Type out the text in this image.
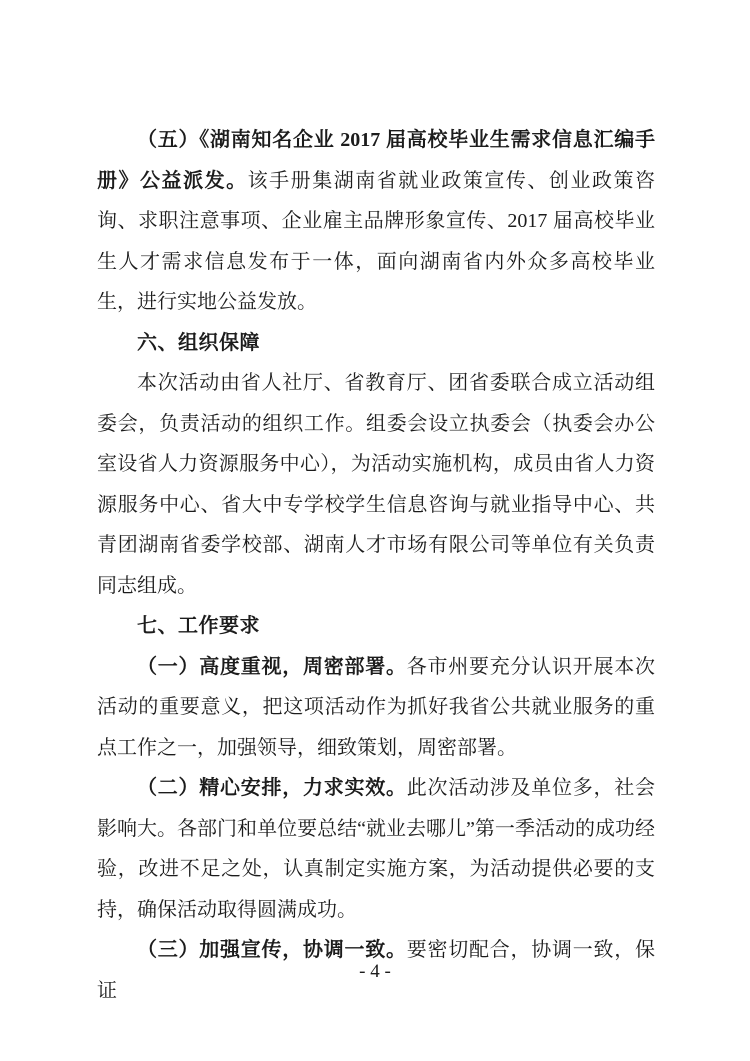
（五）《湖南知名企业 2017 届高校毕业生需求信息汇编手册》公益派发。该手册集湖南省就业政策宣传、创业政策咨询、求职注意事项、企业雇主品牌形象宣传、2017 届高校毕业生人才需求信息发布于一体，面向湖南省内外众多高校毕业生，进行实地公益发放。

六、组织保障

本次活动由省人社厅、省教育厅、团省委联合成立活动组委会，负责活动的组织工作。组委会设立执委会（执委会办公室设省人力资源服务中心），为活动实施机构，成员由省人力资源服务中心、省大中专学校学生信息咨询与就业指导中心、共青团湖南省委学校部、湖南人才市场有限公司等单位有关负责同志组成。

七、工作要求

（一）高度重视，周密部署。各市州要充分认识开展本次活动的重要意义，把这项活动作为抓好我省公共就业服务的重点工作之一，加强领导，细致策划，周密部署。

（二）精心安排，力求实效。此次活动涉及单位多，社会影响大。各部门和单位要总结“就业去哪儿”第一季活动的成功经验，改进不足之处，认真制定实施方案，为活动提供必要的支持，确保活动取得圆满成功。

（三）加强宣传，协调一致。要密切配合，协调一致，保证

- 4 -
